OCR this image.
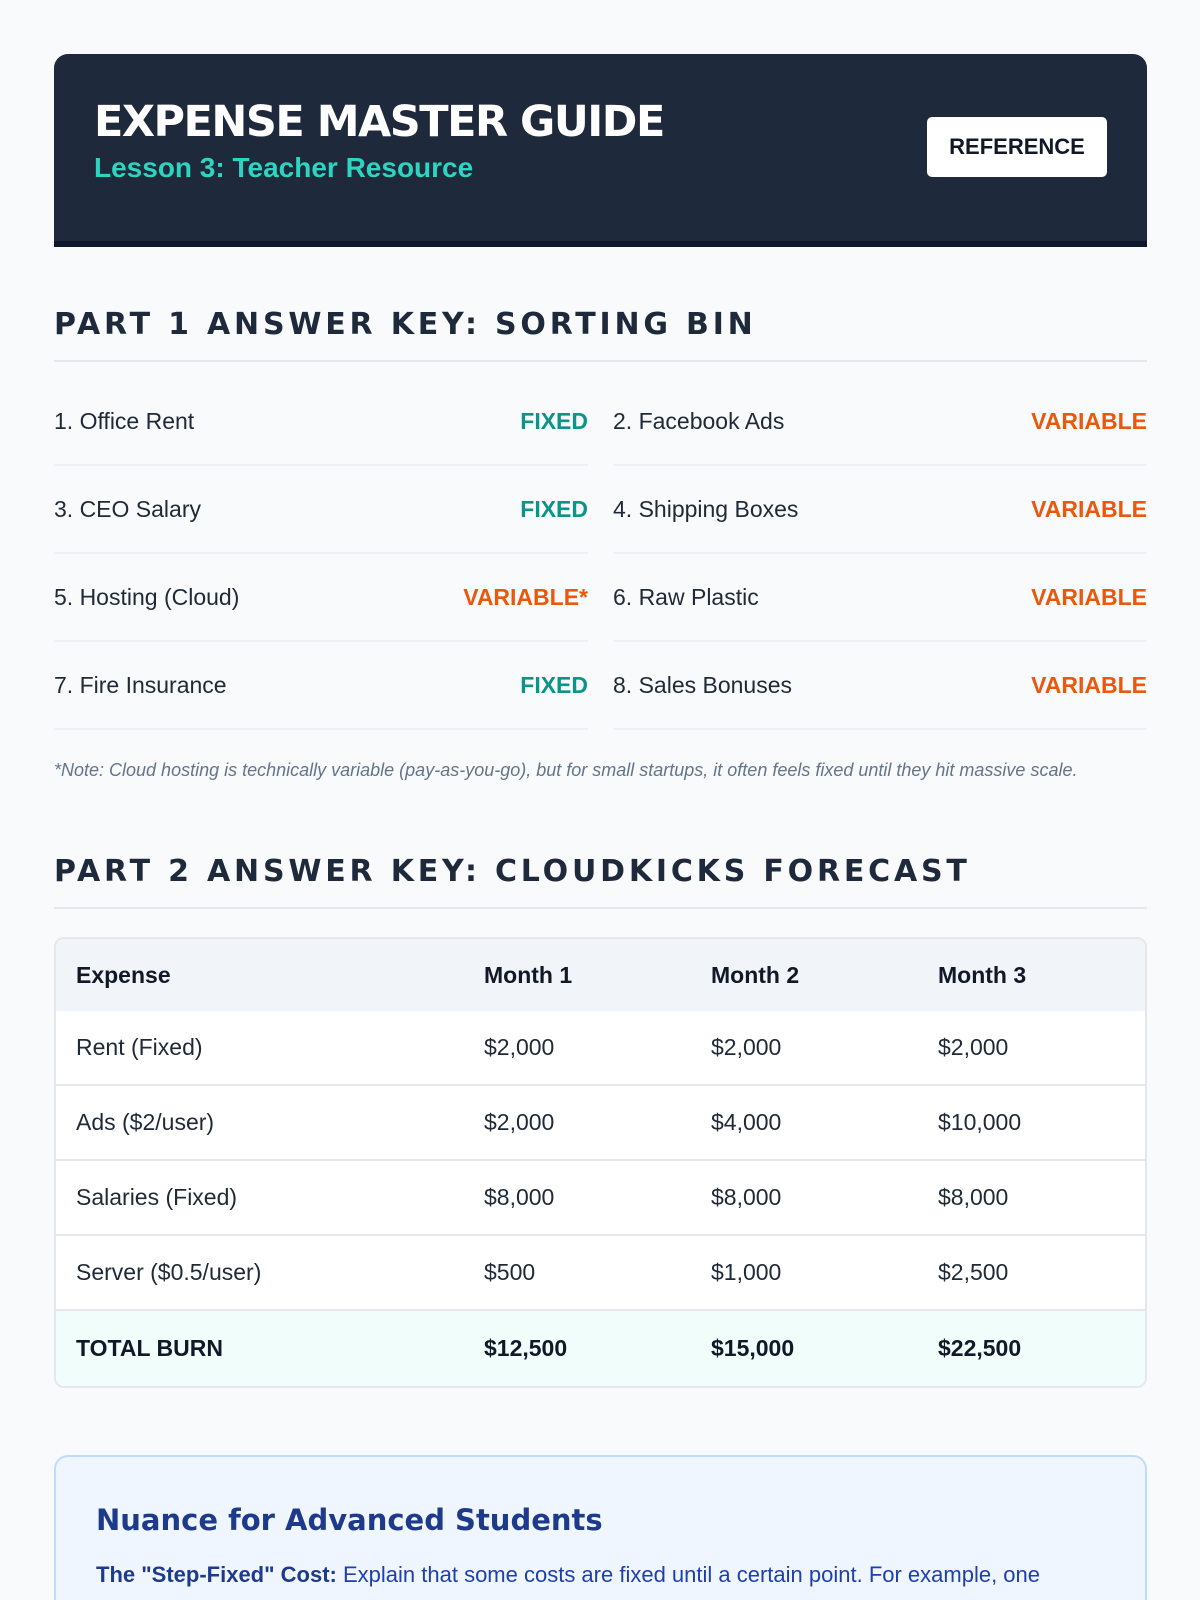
EXPENSE MASTER GUIDE
Lesson 3: Teacher Resource
REFERENCE
PART 1 ANSWER KEY: SORTING BIN
1. Office Rent	FIXED 2. Facebook Ads	VARIABLE
3. CEO Salary	FIXED 4. Shipping Boxes	VARIABLE
5. Hosting (Cloud)	VARIABLE* 6. Raw Plastic	VARIABLE
7. Fire Insurance	FIXED 8. Sales Bonuses	VARIABLE

*Note: Cloud hosting is technically variable (pay-as-you-go), but for small startups, it often feels fixed until they hit massive scale.

PART 2 ANSWER KEY: CLOUDKICKS FORECAST
Expense	Month 1	Month 2	Month 3
Rent (Fixed)	$2,000	$2,000	$2,000
Ads ($2/user)	$2,000	$4,000	$10,000
Salaries (Fixed)	$8,000	$8,000	$8,000
Server ($0.5/user)	$500	$1,000	$2,500
TOTAL BURN	$12,500	$15,000	$22,500
Nuance for Advanced Students

The "Step-Fixed" Cost: Explain that some costs are fixed until a certain point. For example, one
